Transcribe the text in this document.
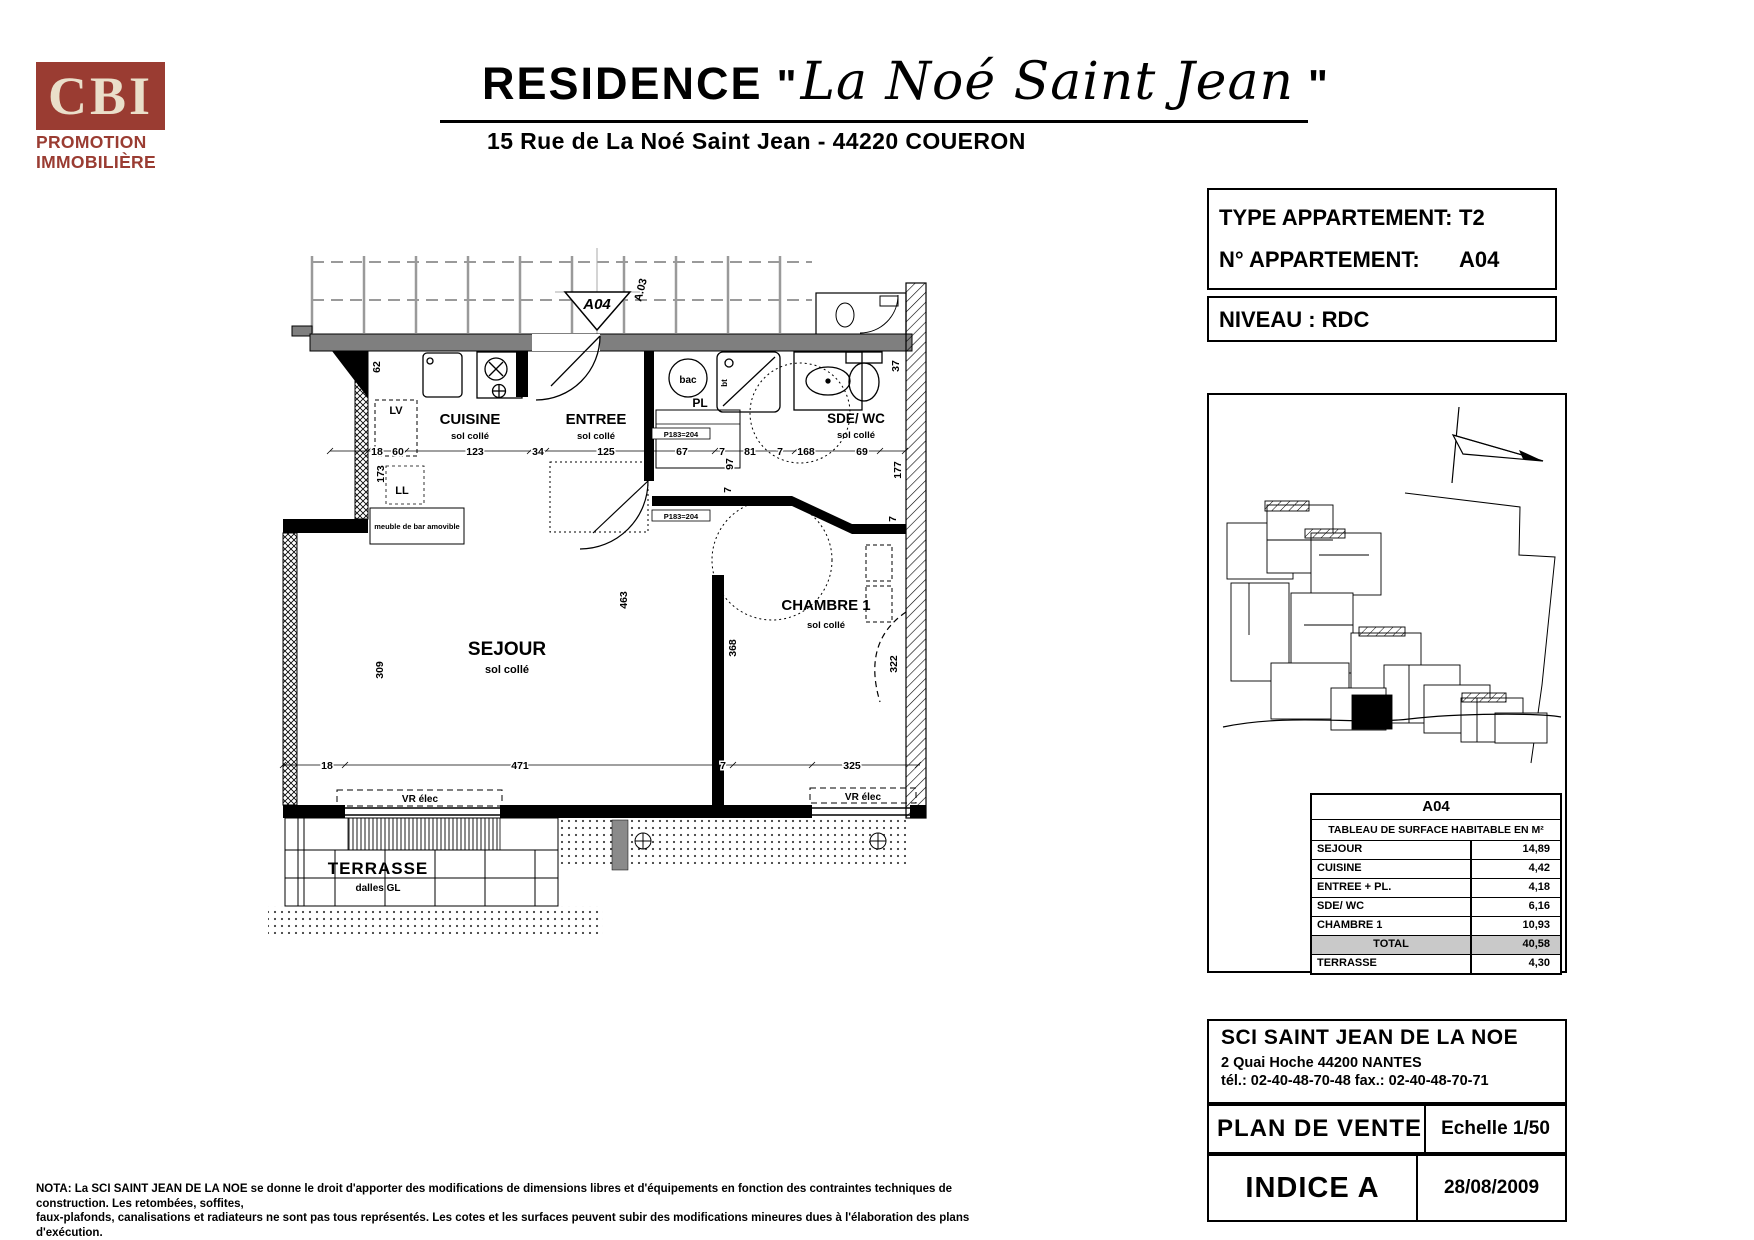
CBI
PROMOTION
IMMOBILIÈRE
RESIDENCE " La Noé Saint Jean "
15 Rue de La Noé Saint Jean - 44220 COUERON
TYPE APPARTEMENT: T2
N° APPARTEMENT: A04
NIVEAU : RDC
A04
TABLEAU DE SURFACE HABITABLE EN M²
SEJOUR	14,89
CUISINE	4,42
ENTREE + PL.	4,18
SDE/ WC	6,16
CHAMBRE 1	10,93
TOTAL	40,58
TERRASSE	4,30
SCI SAINT JEAN DE LA NOE
2 Quai Hoche 44200 NANTES
tél.: 02-40-48-70-48 fax.: 02-40-48-70-71
PLAN DE VENTE	Echelle 1/50
INDICE A	28/08/2009
NOTA: La SCI SAINT JEAN DE LA NOE se donne le droit d'apporter des modifications de dimensions libres et d'équipements en fonction des contraintes techniques de construction. Les retombées, soffites,
faux-plafonds, canalisations et radiateurs ne sont pas tous représentés. Les cotes et les surfaces peuvent subir des modifications mineures dues à l'élaboration des plans d'exécution.
A04
A.03
18 60	123	34	125	67	7 81 7 168	69
62
173
309
463
97
7
368
37
177
7
322
18	471	7	325
LV
LL
bac
PL
bt
P183=204
P183=204
meuble de bar amovible
VR élec	VR élec
CUISINE
sol collé
ENTREE
sol collé
SDE/ WC
sol collé
SEJOUR
sol collé
CHAMBRE 1
sol collé
TERRASSE
dalles GL
